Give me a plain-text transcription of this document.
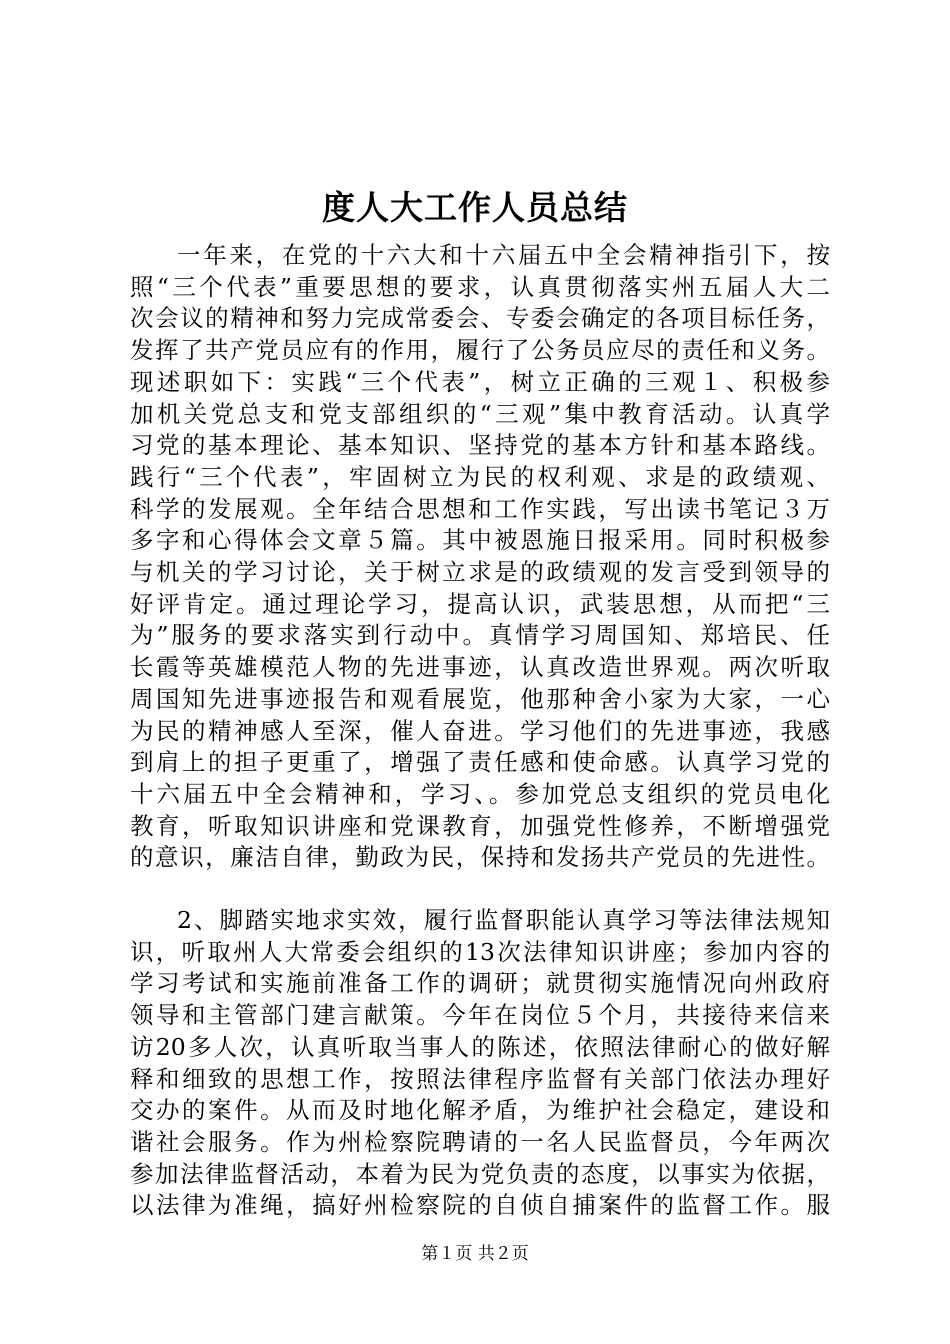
度人大工作人员总结
一年来，在党的十六大和十六届五中全会精神指引下，按
照“三个代表”重要思想的要求，认真贯彻落实州五届人大二
次会议的精神和努力完成常委会、专委会确定的各项目标任务，
发挥了共产党员应有的作用，履行了公务员应尽的责任和义务。
现述职如下：实践“三个代表”，树立正确的三观１、积极参
加机关党总支和党支部组织的“三观”集中教育活动。认真学
习党的基本理论、基本知识、坚持党的基本方针和基本路线。
践行“三个代表”，牢固树立为民的权利观、求是的政绩观、
科学的发展观。全年结合思想和工作实践，写出读书笔记３万
多字和心得体会文章５篇。其中被恩施日报采用。同时积极参
与机关的学习讨论，关于树立求是的政绩观的发言受到领导的
好评肯定。通过理论学习，提高认识，武装思想，从而把“三
为”服务的要求落实到行动中。真情学习周国知、郑培民、任
长霞等英雄模范人物的先进事迹，认真改造世界观。两次听取
周国知先进事迹报告和观看展览，他那种舍小家为大家，一心
为民的精神感人至深，催人奋进。学习他们的先进事迹，我感
到肩上的担子更重了，增强了责任感和使命感。认真学习党的
十六届五中全会精神和，学习、。参加党总支组织的党员电化
教育，听取知识讲座和党课教育，加强党性修养，不断增强党
的意识，廉洁自律，勤政为民，保持和发扬共产党员的先进性。
2、脚踏实地求实效，履行监督职能认真学习等法律法规知
识，听取州人大常委会组织的13次法律知识讲座；参加内容的
学习考试和实施前准备工作的调研；就贯彻实施情况向州政府
领导和主管部门建言献策。今年在岗位５个月，共接待来信来
访20多人次，认真听取当事人的陈述，依照法律耐心的做好解
释和细致的思想工作，按照法律程序监督有关部门依法办理好
交办的案件。从而及时地化解矛盾，为维护社会稳定，建设和
谐社会服务。作为州检察院聘请的一名人民监督员，今年两次
参加法律监督活动，本着为民为党负责的态度，以事实为依据，
以法律为准绳，搞好州检察院的自侦自捕案件的监督工作。服
第１页 共２页
